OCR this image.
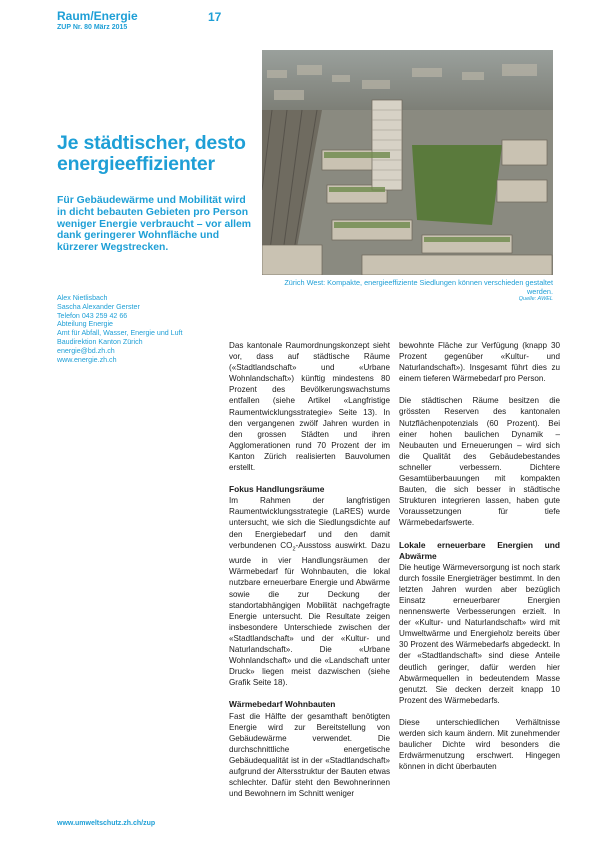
Raum/Energie
ZUP Nr. 80 März 2015
17
Zürich West: Kompakte, energieeffiziente Siedlungen können verschieden gestaltet werden.
Quelle: AWEL
Je städtischer, desto energieeffizienter
Für Gebäudewärme und Mobilität wird in dicht bebauten Gebieten pro Person weniger Energie verbraucht – vor allem dank geringerer Wohnfläche und kürzerer Wegstrecken.
Alex Nietlisbach
Sascha Alexander Gerster
Telefon 043 259 42 66
Abteilung Energie
Amt für Abfall, Wasser, Energie und Luft
Baudirektion Kanton Zürich
energie@bd.zh.ch
www.energie.zh.ch

Das kantonale Raumordnungskonzept sieht vor, dass auf städtische Räume («Stadtlandschaft» und «Urbane Wohnlandschaft») künftig mindestens 80 Prozent des Bevölkerungswachstums entfallen (siehe Artikel «Langfristige Raumentwicklungsstrategie» Seite 13). In den vergangenen zwölf Jahren wurden in den grossen Städten und ihren Agglomerationen rund 70 Prozent der im Kanton Zürich realisierten Bauvolumen erstellt.

Fokus Handlungsräume

Im Rahmen der langfristigen Raumentwicklungsstrategie (LaRES) wurde untersucht, wie sich die Siedlungsdichte auf den Energiebedarf und den damit verbundenen $CO_2$-Ausstoss auswirkt. Dazu wurde in vier Handlungsräumen der Wärmebedarf für Wohnbauten, die lokal nutzbare erneuerbare Energie und Abwärme sowie die zur Deckung der standortabhängigen Mobilität nachgefragte Energie untersucht. Die Resultate zeigen insbesondere Unterschiede zwischen der «Stadtlandschaft» und der «Kultur- und Naturlandschaft». Die «Urbane Wohnlandschaft» und die «Landschaft unter Druck» liegen meist dazwischen (siehe Grafik Seite 18).

Wärmebedarf Wohnbauten

Fast die Hälfte der gesamthaft benötigten Energie wird zur Bereitstellung von Gebäudewärme verwendet. Die durchschnittliche energetische Gebäudequalität ist in der «Stadtlandschaft» aufgrund der Altersstruktur der Bauten etwas schlechter. Dafür steht den Bewohnerinnen und Bewohnern im Schnitt weniger

bewohnte Fläche zur Verfügung (knapp 30 Prozent gegenüber «Kultur- und Naturlandschaft»). Insgesamt führt dies zu einem tieferen Wärmebedarf pro Person.

Die städtischen Räume besitzen die grössten Reserven des kantonalen Nutzflächenpotenzials (60 Prozent). Bei einer hohen baulichen Dynamik – Neubauten und Erneuerungen – wird sich die Qualität des Gebäudebestandes schneller verbessern. Dichtere Gesamtüberbauungen mit kompakten Bauten, die sich besser in städtische Strukturen integrieren lassen, haben gute Voraussetzungen für tiefe Wärmebedarfswerte.

Lokale erneuerbare Energien und Abwärme

Die heutige Wärmeversorgung ist noch stark durch fossile Energieträger bestimmt. In den letzten Jahren wurden aber bezüglich Einsatz erneuerbarer Energien nennenswerte Verbesserungen erzielt. In der «Kultur- und Naturlandschaft» wird mit Umweltwärme und Energieholz bereits über 30 Prozent des Wärmebedarfs abgedeckt. In der «Stadtlandschaft» sind diese Anteile deutlich geringer, dafür werden hier Abwärmequellen in bedeutendem Masse genutzt. Sie decken derzeit knapp 10 Prozent des Wärmebedarfs.

Diese unterschiedlichen Verhältnisse werden sich kaum ändern. Mit zunehmender baulicher Dichte wird besonders die Erdwärmenutzung erschwert. Hingegen können in dicht überbauten

www.umweltschutz.zh.ch/zup
